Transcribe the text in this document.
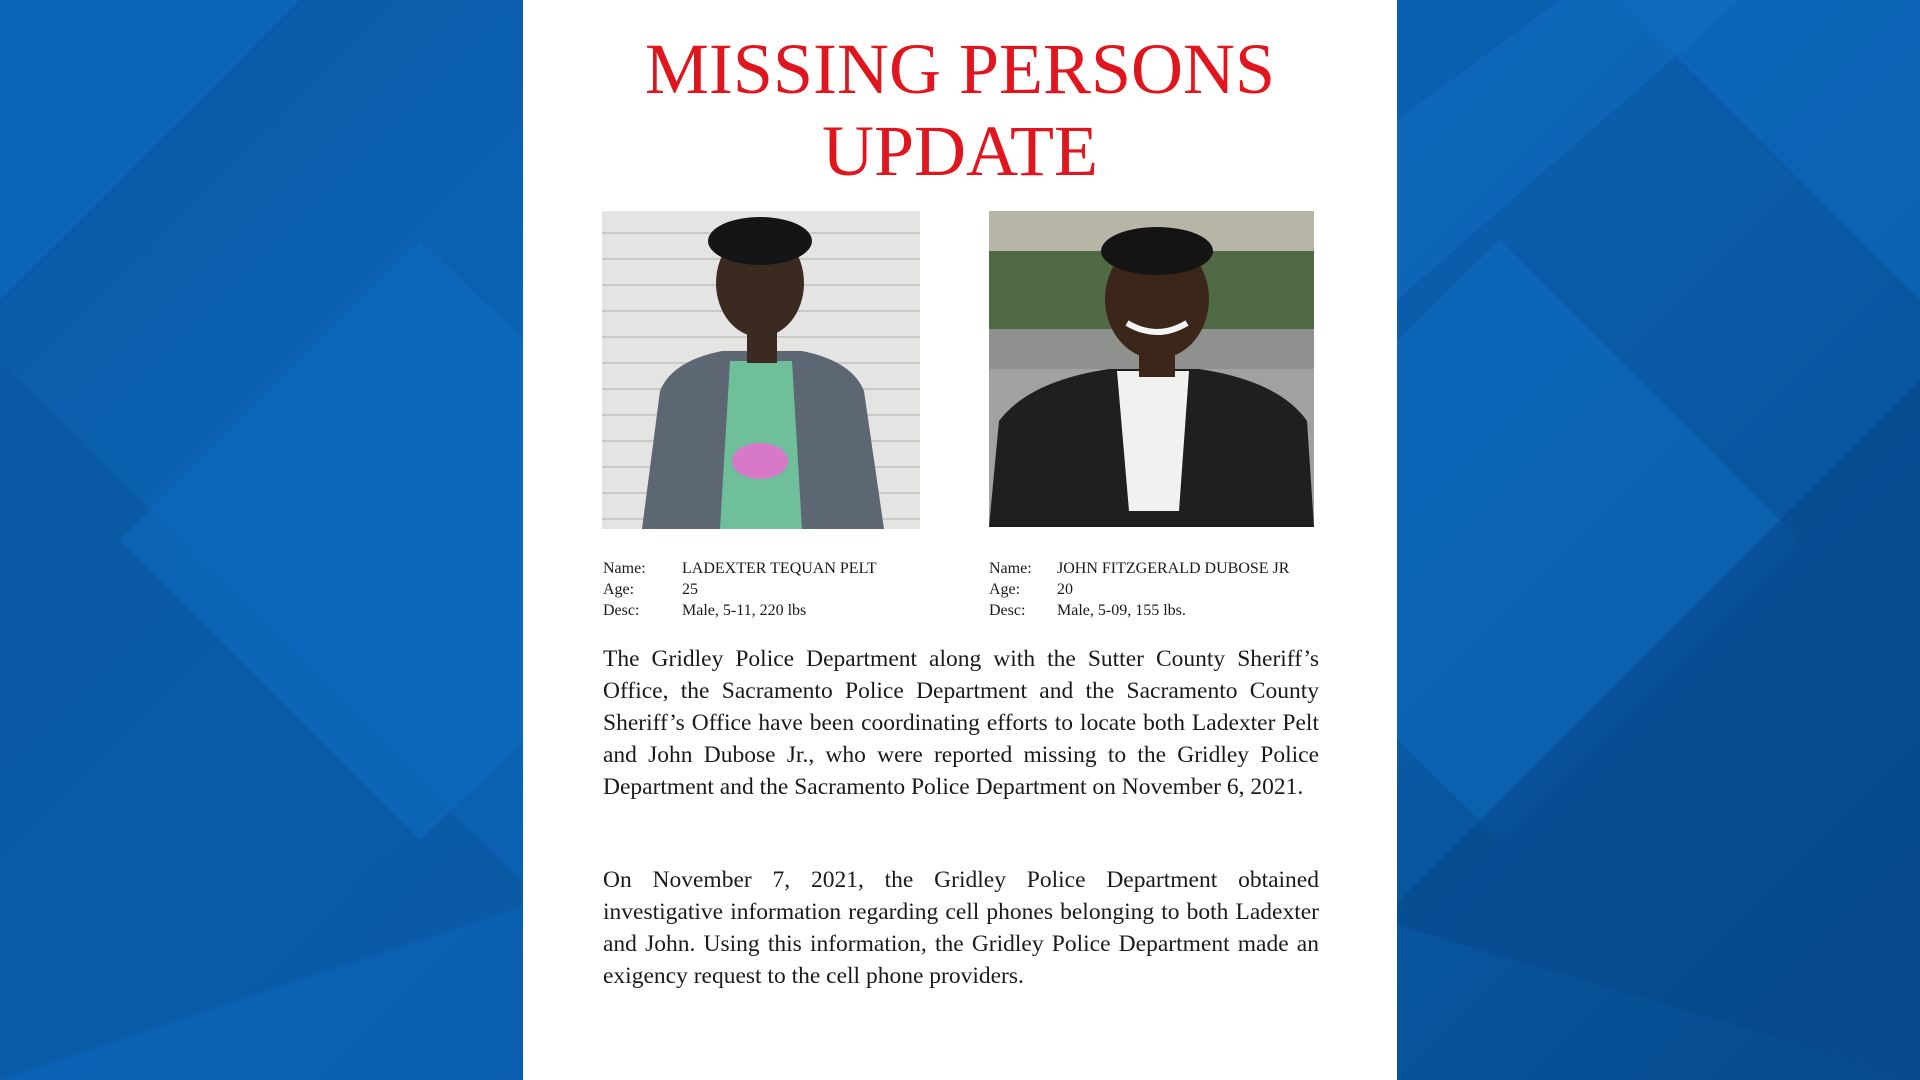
MISSING PERSONS
UPDATE
Name:	LADEXTER TEQUAN PELT
Age:	25
Desc:	Male, 5-11, 220 lbs
Name:	JOHN FITZGERALD DUBOSE JR
Age:	20
Desc:	Male, 5-09, 155 lbs.

The Gridley Police Department along with the Sutter County Sheriff’s Office, the Sacramento Police Department and the Sacramento County Sheriff’s Office have been coordinating efforts to locate both Ladexter Pelt and John Dubose Jr., who were reported missing to the Gridley Police Department and the Sacramento Police Department on November 6, 2021.

On November 7, 2021, the Gridley Police Department obtained investigative information regarding cell phones belonging to both Ladexter and John. Using this information, the Gridley Police Department made an exigency request to the cell phone providers.
